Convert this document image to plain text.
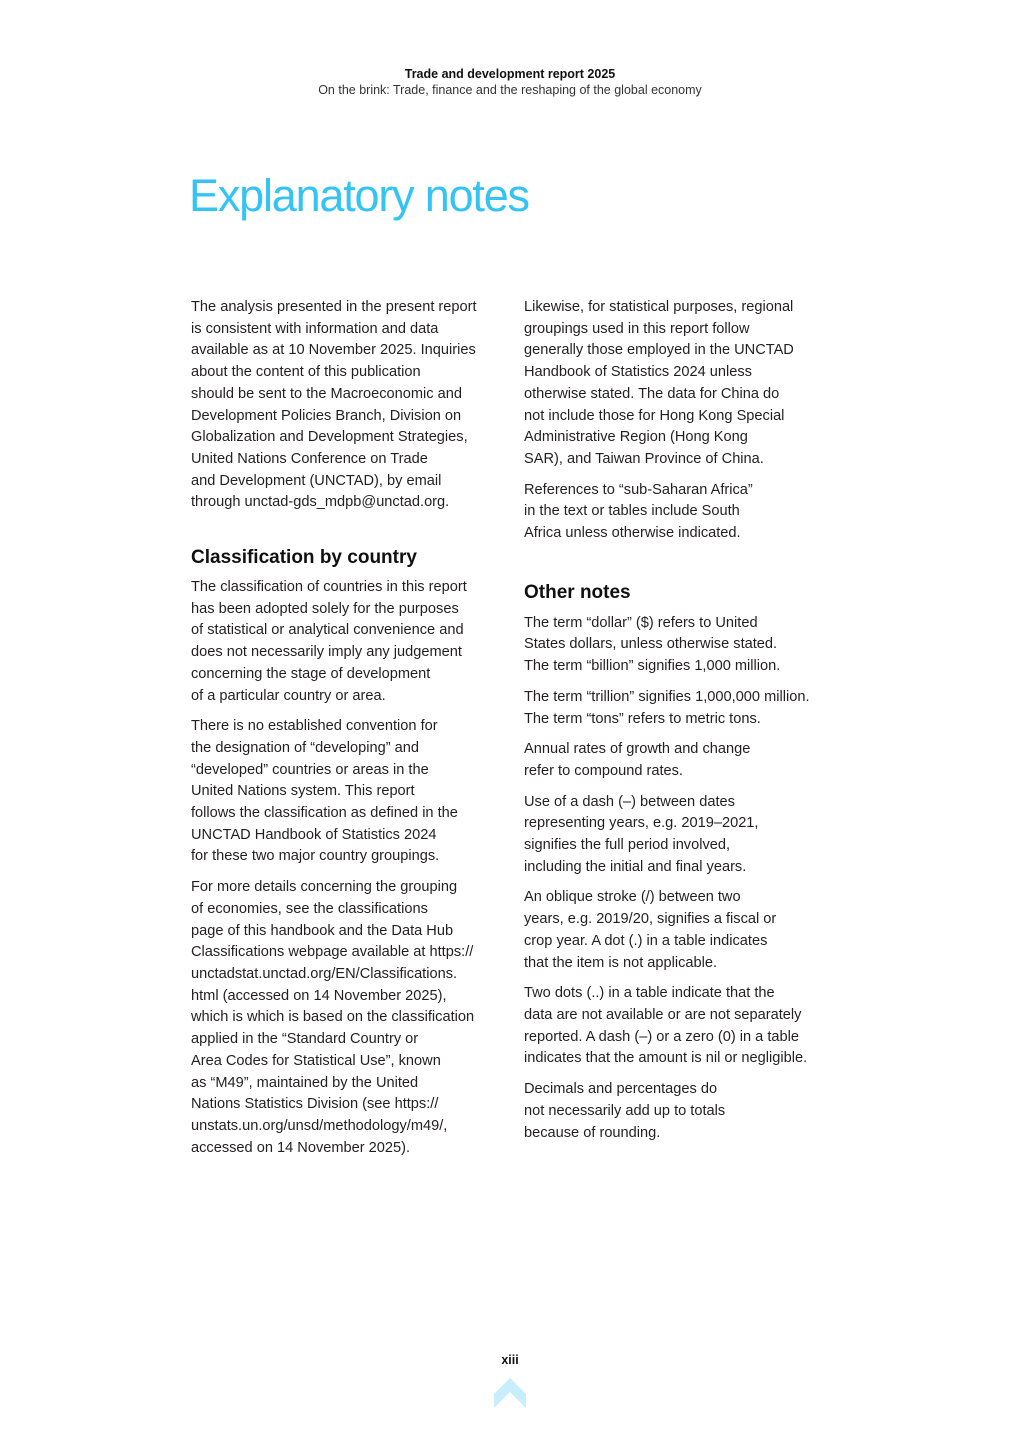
Trade and development report 2025
On the brink: Trade, finance and the reshaping of the global economy
Explanatory notes

The analysis presented in the present report
is consistent with information and data
available as at 10 November 2025. Inquiries
about the content of this publication
should be sent to the Macroeconomic and
Development Policies Branch, Division on
Globalization and Development Strategies,
United Nations Conference on Trade
and Development (UNCTAD), by email
through unctad-gds_mdpb@unctad.org.

Classification by country

The classification of countries in this report
has been adopted solely for the purposes
of statistical or analytical convenience and
does not necessarily imply any judgement
concerning the stage of development
of a particular country or area.

There is no established convention for
the designation of “developing” and
“developed” countries or areas in the
United Nations system. This report
follows the classification as defined in the
UNCTAD Handbook of Statistics 2024
for these two major country groupings.

For more details concerning the grouping
of economies, see the classifications
page of this handbook and the Data Hub
Classifications webpage available at https://
unctadstat.unctad.org/EN/Classifications.
html (accessed on 14 November 2025),
which is which is based on the classification
applied in the “Standard Country or
Area Codes for Statistical Use”, known
as “M49”, maintained by the United
Nations Statistics Division (see https://
unstats.un.org/unsd/methodology/m49/,
accessed on 14 November 2025).

Likewise, for statistical purposes, regional
groupings used in this report follow
generally those employed in the UNCTAD
Handbook of Statistics 2024 unless
otherwise stated. The data for China do
not include those for Hong Kong Special
Administrative Region (Hong Kong
SAR), and Taiwan Province of China.

References to “sub-Saharan Africa”
in the text or tables include South
Africa unless otherwise indicated.

Other notes

The term “dollar” ($) refers to United
States dollars, unless otherwise stated.
The term “billion” signifies 1,000 million.

The term “trillion” signifies 1,000,000 million.
The term “tons” refers to metric tons.

Annual rates of growth and change
refer to compound rates.

Use of a dash (–) between dates
representing years, e.g. 2019–2021,
signifies the full period involved,
including the initial and final years.

An oblique stroke (/) between two
years, e.g. 2019/20, signifies a fiscal or
crop year. A dot (.) in a table indicates
that the item is not applicable.

Two dots (..) in a table indicate that the
data are not available or are not separately
reported. A dash (–) or a zero (0) in a table
indicates that the amount is nil or negligible.

Decimals and percentages do
not necessarily add up to totals
because of rounding.

xiii
